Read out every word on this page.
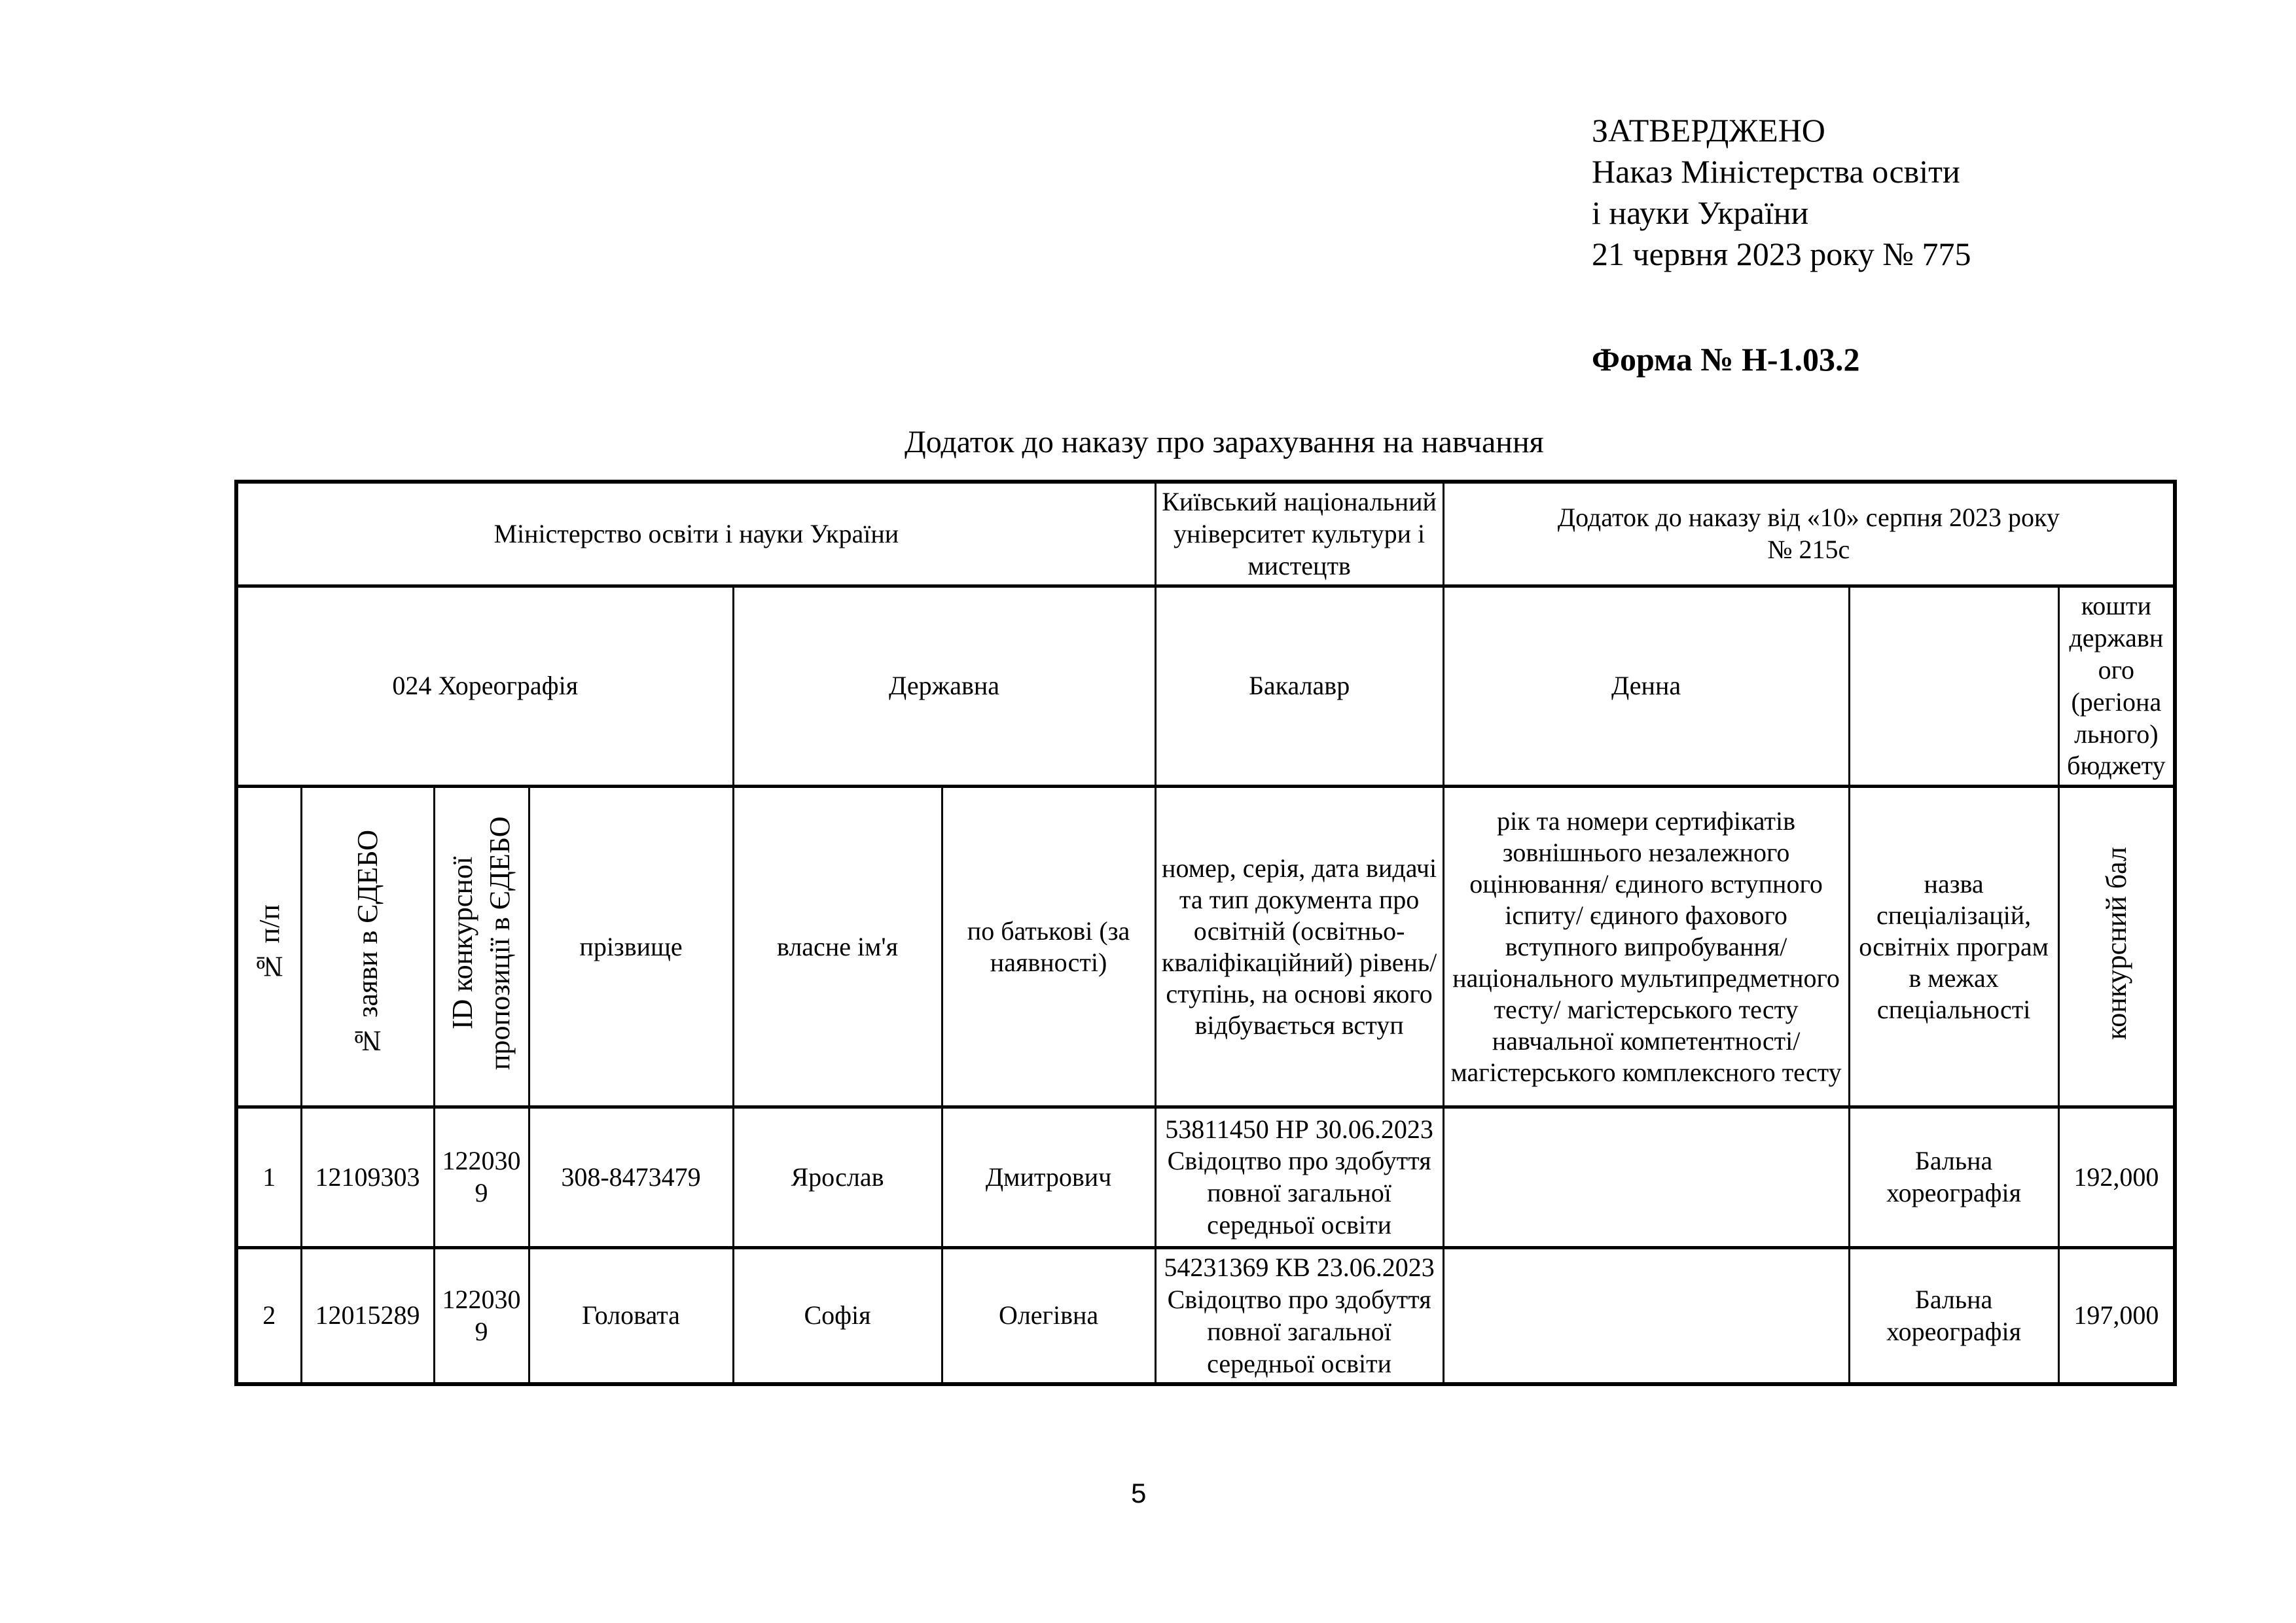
ЗАТВЕРДЖЕНО
Наказ Міністерства освіти
і науки України
21 червня 2023 року № 775
Форма № Н-1.03.2
Додаток до наказу про зарахування на навчання
Міністерство освіти і науки України						Київський національний університет культури і мистецтв	Додаток до наказу від «10» серпня 2023 року
№ 215с		

024 Хореографія				Державна		Бакалавр	Денна		кошти державного (регіонального) бюджету
№ п/п	№ заяви в ЄДЕБО	ID конкурсної пропозиції в ЄДЕБО	прізвище	власне ім'я	по батькові (за наявності)	номер, серія, дата видачі та тип документа про освітній (освітньо-кваліфікаційний) рівень/ступінь, на основі якого відбувається вступ	рік та номери сертифікатів зовнішнього незалежного оцінювання/ єдиного вступного іспиту/ єдиного фахового вступного випробування/ національного мультипредметного тесту/ магістерського тесту навчальної компетентності/ магістерського комплексного тесту	назва спеціалізацій, освітніх програм в межах спеціальності	конкурсний бал
1	12109303	1220309	308-8473479	Ярослав	Дмитрович	53811450 НР 30.06.2023 Свідоцтво про здобуття повної загальної середньої освіти		Бальна хореографія	192,000
2	12015289	1220309	Головата	Софія	Олегівна	54231369 КВ 23.06.2023 Свідоцтво про здобуття повної загальної середньої освіти		Бальна хореографія	197,000
5
